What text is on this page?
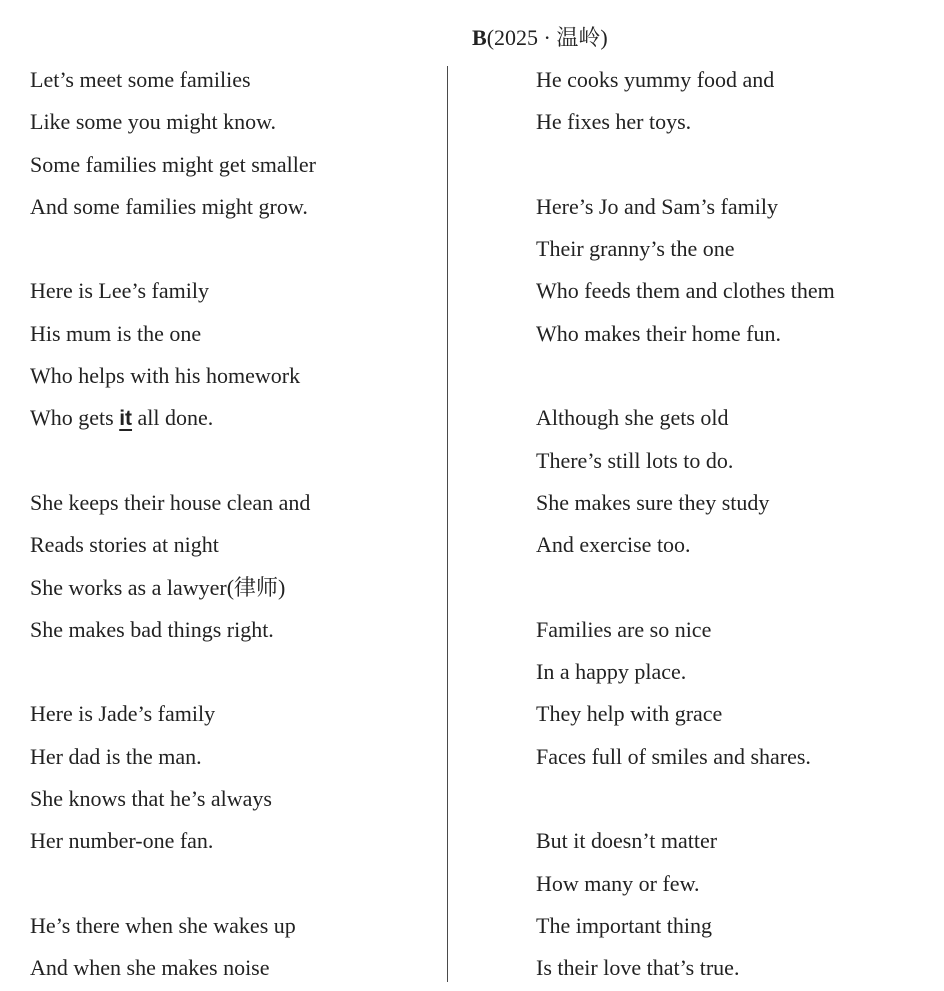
B(2025 · 温岭)
Let’s meet some families
Like some you might know.
Some families might get smaller
And some families might grow.
Here is Lee’s family
His mum is the one
Who helps with his homework
Who gets it all done.
She keeps their house clean and
Reads stories at night
She works as a lawyer(律师)
She makes bad things right.
Here is Jade’s family
Her dad is the man.
She knows that he’s always
Her number-one fan.
He’s there when she wakes up
And when she makes noise
He cooks yummy food and
He fixes her toys.
Here’s Jo and Sam’s family
Their granny’s the one
Who feeds them and clothes them
Who makes their home fun.
Although she gets old
There’s still lots to do.
She makes sure they study
And exercise too.
Families are so nice
In a happy place.
They help with grace
Faces full of smiles and shares.
But it doesn’t matter
How many or few.
The important thing
Is their love that’s true.
